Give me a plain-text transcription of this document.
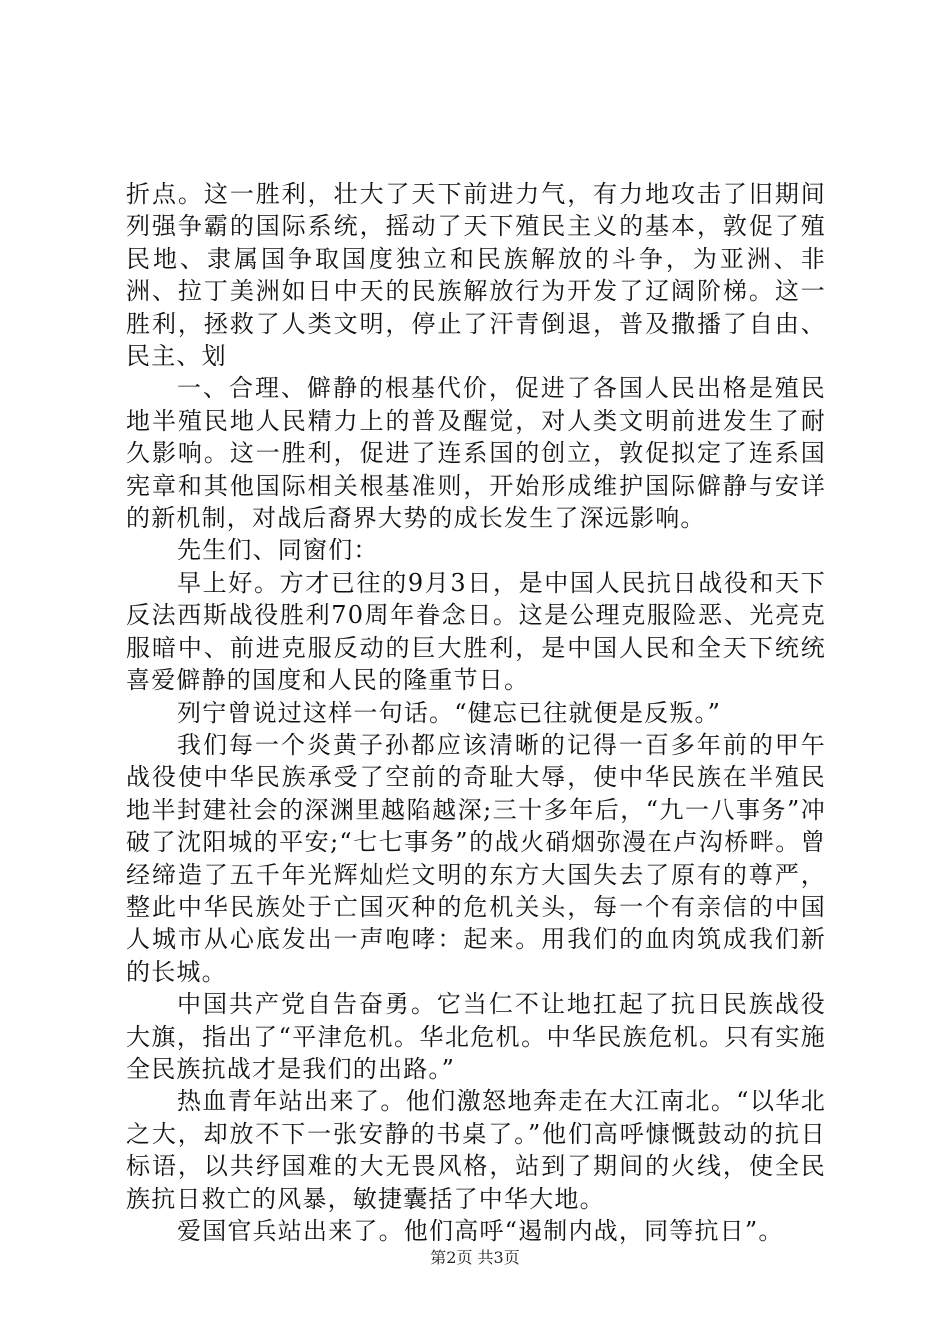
折点。这一胜利，壮大了天下前进力气，有力地攻击了旧期间列强争霸的国际系统，摇动了天下殖民主义的基本，敦促了殖民地、隶属国争取国度独立和民族解放的斗争，为亚洲、非洲、拉丁美洲如日中天的民族解放行为开发了辽阔阶梯。这一胜利，拯救了人类文明，停止了汗青倒退，普及撒播了自由、民主、划

一、合理、僻静的根基代价，促进了各国人民出格是殖民地半殖民地人民精力上的普及醒觉，对人类文明前进发生了耐久影响。这一胜利，促进了连系国的创立，敦促拟定了连系国宪章和其他国际相关根基准则，开始形成维护国际僻静与安详的新机制，对战后裔界大势的成长发生了深远影响。

先生们、同窗们：

早上好。方才已往的9月3日，是中国人民抗日战役和天下反法西斯战役胜利70周年眷念日。这是公理克服险恶、光亮克服暗中、前进克服反动的巨大胜利，是中国人民和全天下统统喜爱僻静的国度和人民的隆重节日。

列宁曾说过这样一句话。“健忘已往就便是反叛。”

我们每一个炎黄子孙都应该清晰的记得一百多年前的甲午战役使中华民族承受了空前的奇耻大辱，使中华民族在半殖民地半封建社会的深渊里越陷越深;三十多年后，“九一八事务”冲破了沈阳城的平安;“七七事务”的战火硝烟弥漫在卢沟桥畔。曾经缔造了五千年光辉灿烂文明的东方大国失去了原有的尊严，整此中华民族处于亡国灭种的危机关头，每一个有亲信的中国人城市从心底发出一声咆哮：起来。用我们的血肉筑成我们新的长城。

中国共产党自告奋勇。它当仁不让地扛起了抗日民族战役大旗，指出了“平津危机。华北危机。中华民族危机。只有实施全民族抗战才是我们的出路。”

热血青年站出来了。他们激怒地奔走在大江南北。“以华北之大，却放不下一张安静的书桌了。”他们高呼慷慨鼓动的抗日标语，以共纾国难的大无畏风格，站到了期间的火线，使全民族抗日救亡的风暴，敏捷囊括了中华大地。

爱国官兵站出来了。他们高呼“遏制内战，同等抗日”。

第2页 共3页
